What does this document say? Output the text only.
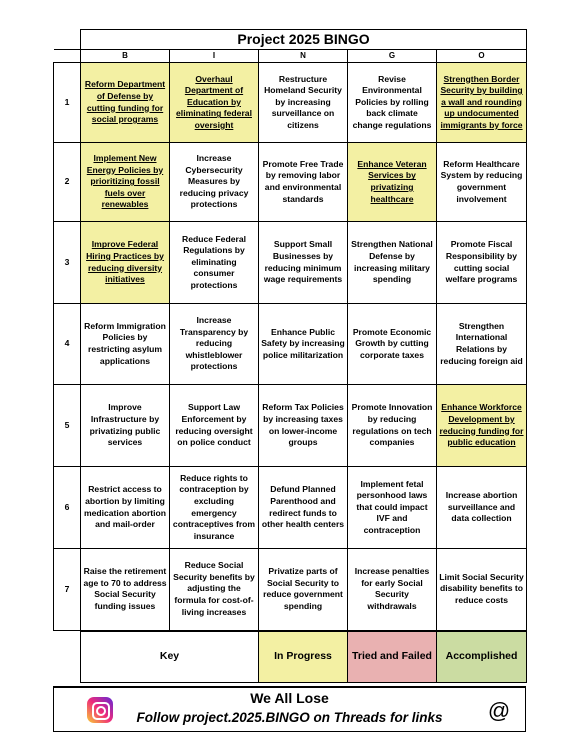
	Project 2025 BINGO				
	B	I	N	G	O
1	Reform Department of Defense by cutting funding for social programs	Overhaul Department of Education by eliminating federal oversight	Restructure Homeland Security by increasing surveillance on citizens	Revise Environmental Policies by rolling back climate change regulations	Strengthen Border Security by building a wall and rounding up undocumented immigrants by force
2	Implement New Energy Policies by prioritizing fossil fuels over renewables	Increase Cybersecurity Measures by reducing privacy protections	Promote Free Trade by removing labor and environmental standards	Enhance Veteran Services by privatizing healthcare	Reform Healthcare System by reducing government involvement
3	Improve Federal Hiring Practices by reducing diversity initiatives	Reduce Federal Regulations by eliminating consumer protections	Support Small Businesses by reducing minimum wage requirements	Strengthen National Defense by increasing military spending	Promote Fiscal Responsibility by cutting social welfare programs
4	Reform Immigration Policies by restricting asylum applications	Increase Transparency by reducing whistleblower protections	Enhance Public Safety by increasing police militarization	Promote Economic Growth by cutting corporate taxes	Strengthen International Relations by reducing foreign aid
5	Improve Infrastructure by privatizing public services	Support Law Enforcement by reducing oversight on police conduct	Reform Tax Policies by increasing taxes on lower-income groups	Promote Innovation by reducing regulations on tech companies	Enhance Workforce Development by reducing funding for public education
6	Restrict access to abortion by limiting medication abortion and mail-order	Reduce rights to contraception by excluding emergency contraceptives from insurance	Defund Planned Parenthood and redirect funds to other health centers	Implement fetal personhood laws that could impact IVF and contraception	Increase abortion surveillance and data collection
7	Raise the retirement age to 70 to address Social Security funding issues	Reduce Social Security benefits by adjusting the formula for cost-of-living increases	Privatize parts of Social Security to reduce government spending	Increase penalties for early Social Security withdrawals	Limit Social Security disability benefits to reduce costs
	Key		In Progress	Tried and Failed	Accomplished
We All Lose
Follow project.2025.BINGO on Threads for links	@
